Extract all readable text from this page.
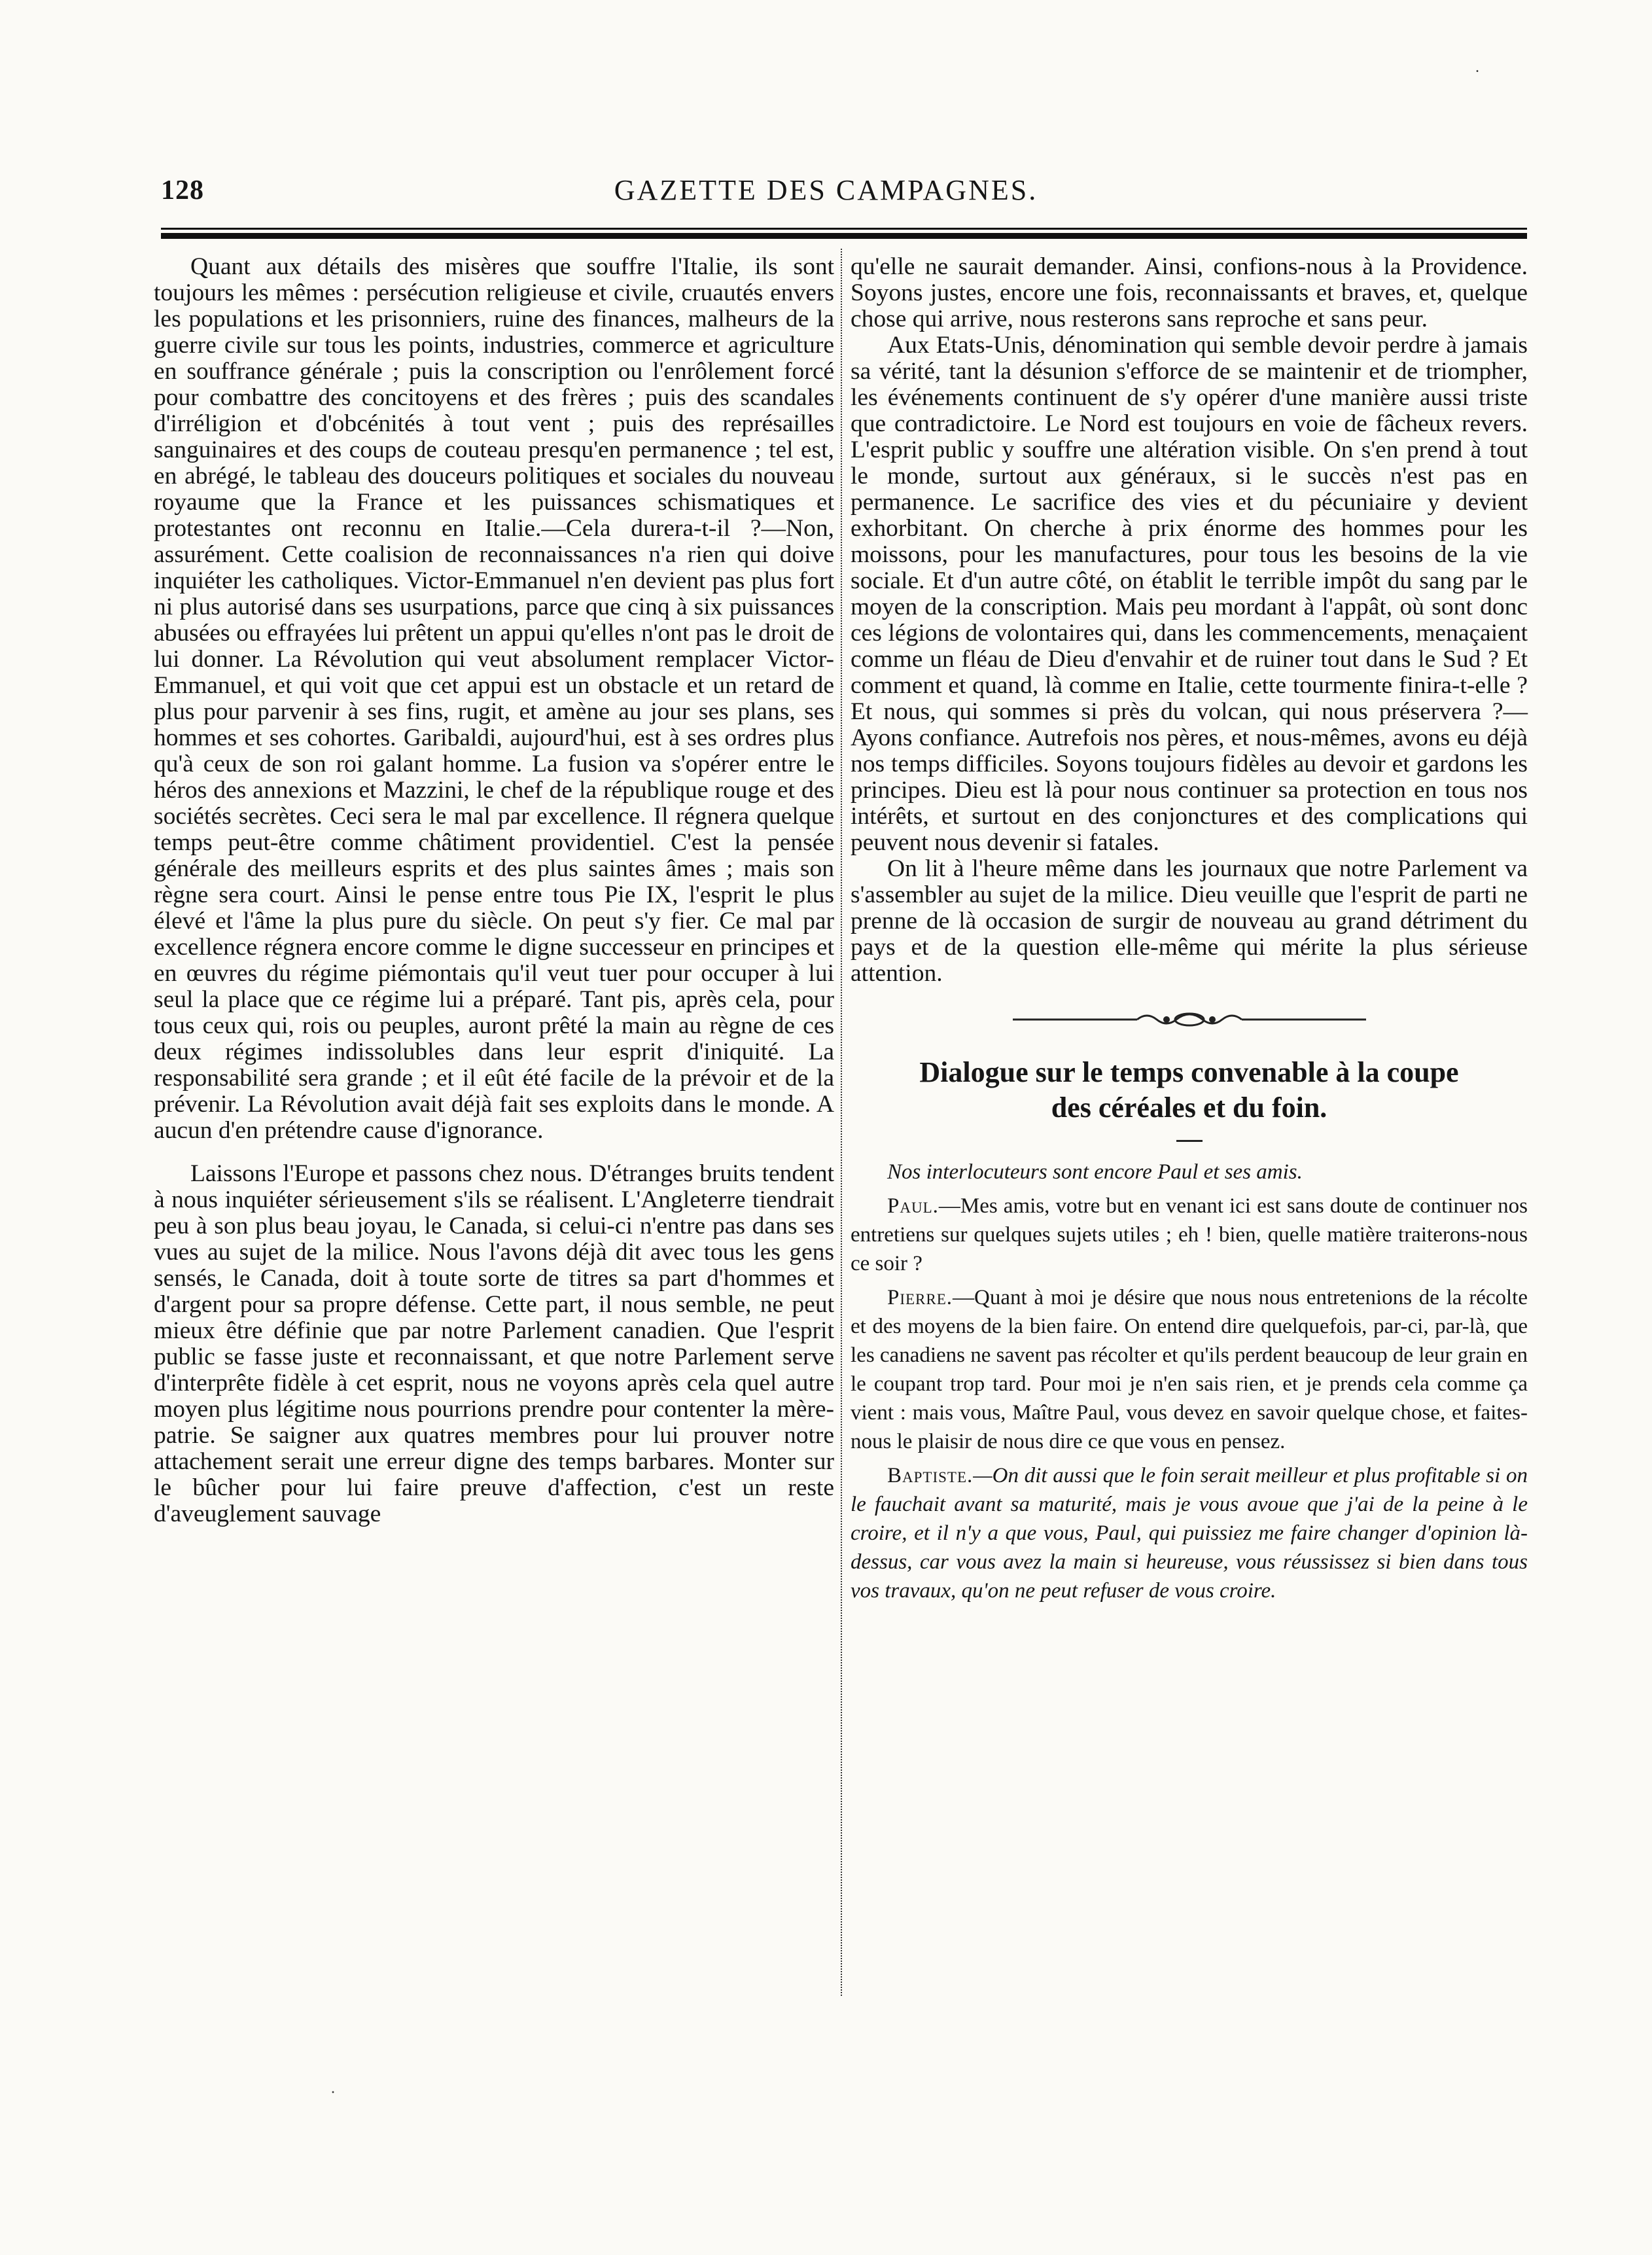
.
128	GAZETTE DES CAMPAGNES.

Quant aux détails des misères que souffre l'Italie, ils sont toujours les mêmes : persécution religieuse et civile, cruautés envers les populations et les prisonniers, ruine des finances, malheurs de la guerre civile sur tous les points, industries, commerce et agriculture en souffrance générale ; puis la conscription ou l'enrôlement forcé pour combattre des concitoyens et des frères ; puis des scandales d'irréligion et d'obcénités à tout vent ; puis des représailles sanguinaires et des coups de couteau presqu'en permanence ; tel est, en abrégé, le tableau des douceurs politiques et sociales du nouveau royaume que la France et les puissances schismatiques et protestantes ont reconnu en Italie.—Cela durera-t-il ?—Non, assurément. Cette coalision de reconnaissances n'a rien qui doive inquiéter les catholiques. Victor-Emmanuel n'en devient pas plus fort ni plus autorisé dans ses usurpations, parce que cinq à six puissances abusées ou effrayées lui prêtent un appui qu'elles n'ont pas le droit de lui donner. La Révolution qui veut absolument remplacer Victor-Emmanuel, et qui voit que cet appui est un obstacle et un retard de plus pour parvenir à ses fins, rugit, et amène au jour ses plans, ses hommes et ses cohortes. Garibaldi, aujourd'hui, est à ses ordres plus qu'à ceux de son roi galant homme. La fusion va s'opérer entre le héros des annexions et Mazzini, le chef de la république rouge et des sociétés secrètes. Ceci sera le mal par excellence. Il régnera quelque temps peut-être comme châtiment providentiel. C'est la pensée générale des meilleurs esprits et des plus saintes âmes ; mais son règne sera court. Ainsi le pense entre tous Pie IX, l'esprit le plus élevé et l'âme la plus pure du siècle. On peut s'y fier. Ce mal par excellence régnera encore comme le digne successeur en principes et en œuvres du régime piémontais qu'il veut tuer pour occuper à lui seul la place que ce régime lui a préparé. Tant pis, après cela, pour tous ceux qui, rois ou peuples, auront prêté la main au règne de ces deux régimes indissolubles dans leur esprit d'iniquité. La responsabilité sera grande ; et il eût été facile de la prévoir et de la prévenir. La Révolution avait déjà fait ses exploits dans le monde. A aucun d'en prétendre cause d'ignorance.

Laissons l'Europe et passons chez nous. D'étranges bruits tendent à nous inquiéter sérieusement s'ils se réalisent. L'Angleterre tiendrait peu à son plus beau joyau, le Canada, si celui-ci n'entre pas dans ses vues au sujet de la milice. Nous l'avons déjà dit avec tous les gens sensés, le Canada, doit à toute sorte de titres sa part d'hommes et d'argent pour sa propre défense. Cette part, il nous semble, ne peut mieux être définie que par notre Parlement canadien. Que l'esprit public se fasse juste et reconnaissant, et que notre Parlement serve d'interprête fidèle à cet esprit, nous ne voyons après cela quel autre moyen plus légitime nous pourrions prendre pour contenter la mère-patrie. Se saigner aux quatres membres pour lui prouver notre attachement serait une erreur digne des temps barbares. Monter sur le bûcher pour lui faire preuve d'affection, c'est un reste d'aveuglement sauvage

qu'elle ne saurait demander. Ainsi, confions-nous à la Providence. Soyons justes, encore une fois, reconnaissants et braves, et, quelque chose qui arrive, nous resterons sans reproche et sans peur.

Aux Etats-Unis, dénomination qui semble devoir perdre à jamais sa vérité, tant la désunion s'efforce de se maintenir et de triompher, les événements continuent de s'y opérer d'une manière aussi triste que contradictoire. Le Nord est toujours en voie de fâcheux revers. L'esprit public y souffre une altération visible. On s'en prend à tout le monde, surtout aux généraux, si le succès n'est pas en permanence. Le sacrifice des vies et du pécuniaire y devient exhorbitant. On cherche à prix énorme des hommes pour les moissons, pour les manufactures, pour tous les besoins de la vie sociale. Et d'un autre côté, on établit le terrible impôt du sang par le moyen de la conscription. Mais peu mordant à l'appât, où sont donc ces légions de volontaires qui, dans les commencements, menaçaient comme un fléau de Dieu d'envahir et de ruiner tout dans le Sud ? Et comment et quand, là comme en Italie, cette tourmente finira-t-elle ? Et nous, qui sommes si près du volcan, qui nous préservera ?—Ayons confiance. Autrefois nos pères, et nous-mêmes, avons eu déjà nos temps difficiles. Soyons toujours fidèles au devoir et gardons les principes. Dieu est là pour nous continuer sa protection en tous nos intérêts, et surtout en des conjonctures et des complications qui peuvent nous devenir si fatales.

On lit à l'heure même dans les journaux que notre Parlement va s'assembler au sujet de la milice. Dieu veuille que l'esprit de parti ne prenne de là occasion de surgir de nouveau au grand détriment du pays et de la question elle-même qui mérite la plus sérieuse attention.

Dialogue sur le temps convenable à la coupe

des céréales et du foin.

Nos interlocuteurs sont encore Paul et ses amis.

Paul.—Mes amis, votre but en venant ici est sans doute de continuer nos entretiens sur quelques sujets utiles ; eh ! bien, quelle matière traiterons-nous ce soir ?

Pierre.—Quant à moi je désire que nous nous entretenions de la récolte et des moyens de la bien faire. On entend dire quelquefois, par-ci, par-là, que les canadiens ne savent pas récolter et qu'ils perdent beaucoup de leur grain en le coupant trop tard. Pour moi je n'en sais rien, et je prends cela comme ça vient : mais vous, Maître Paul, vous devez en savoir quelque chose, et faites-nous le plaisir de nous dire ce que vous en pensez.

Baptiste.—On dit aussi que le foin serait meilleur et plus profitable si on le fauchait avant sa maturité, mais je vous avoue que j'ai de la peine à le croire, et il n'y a que vous, Paul, qui puissiez me faire changer d'opinion là-dessus, car vous avez la main si heureuse, vous réussissez si bien dans tous vos travaux, qu'on ne peut refuser de vous croire.

·
